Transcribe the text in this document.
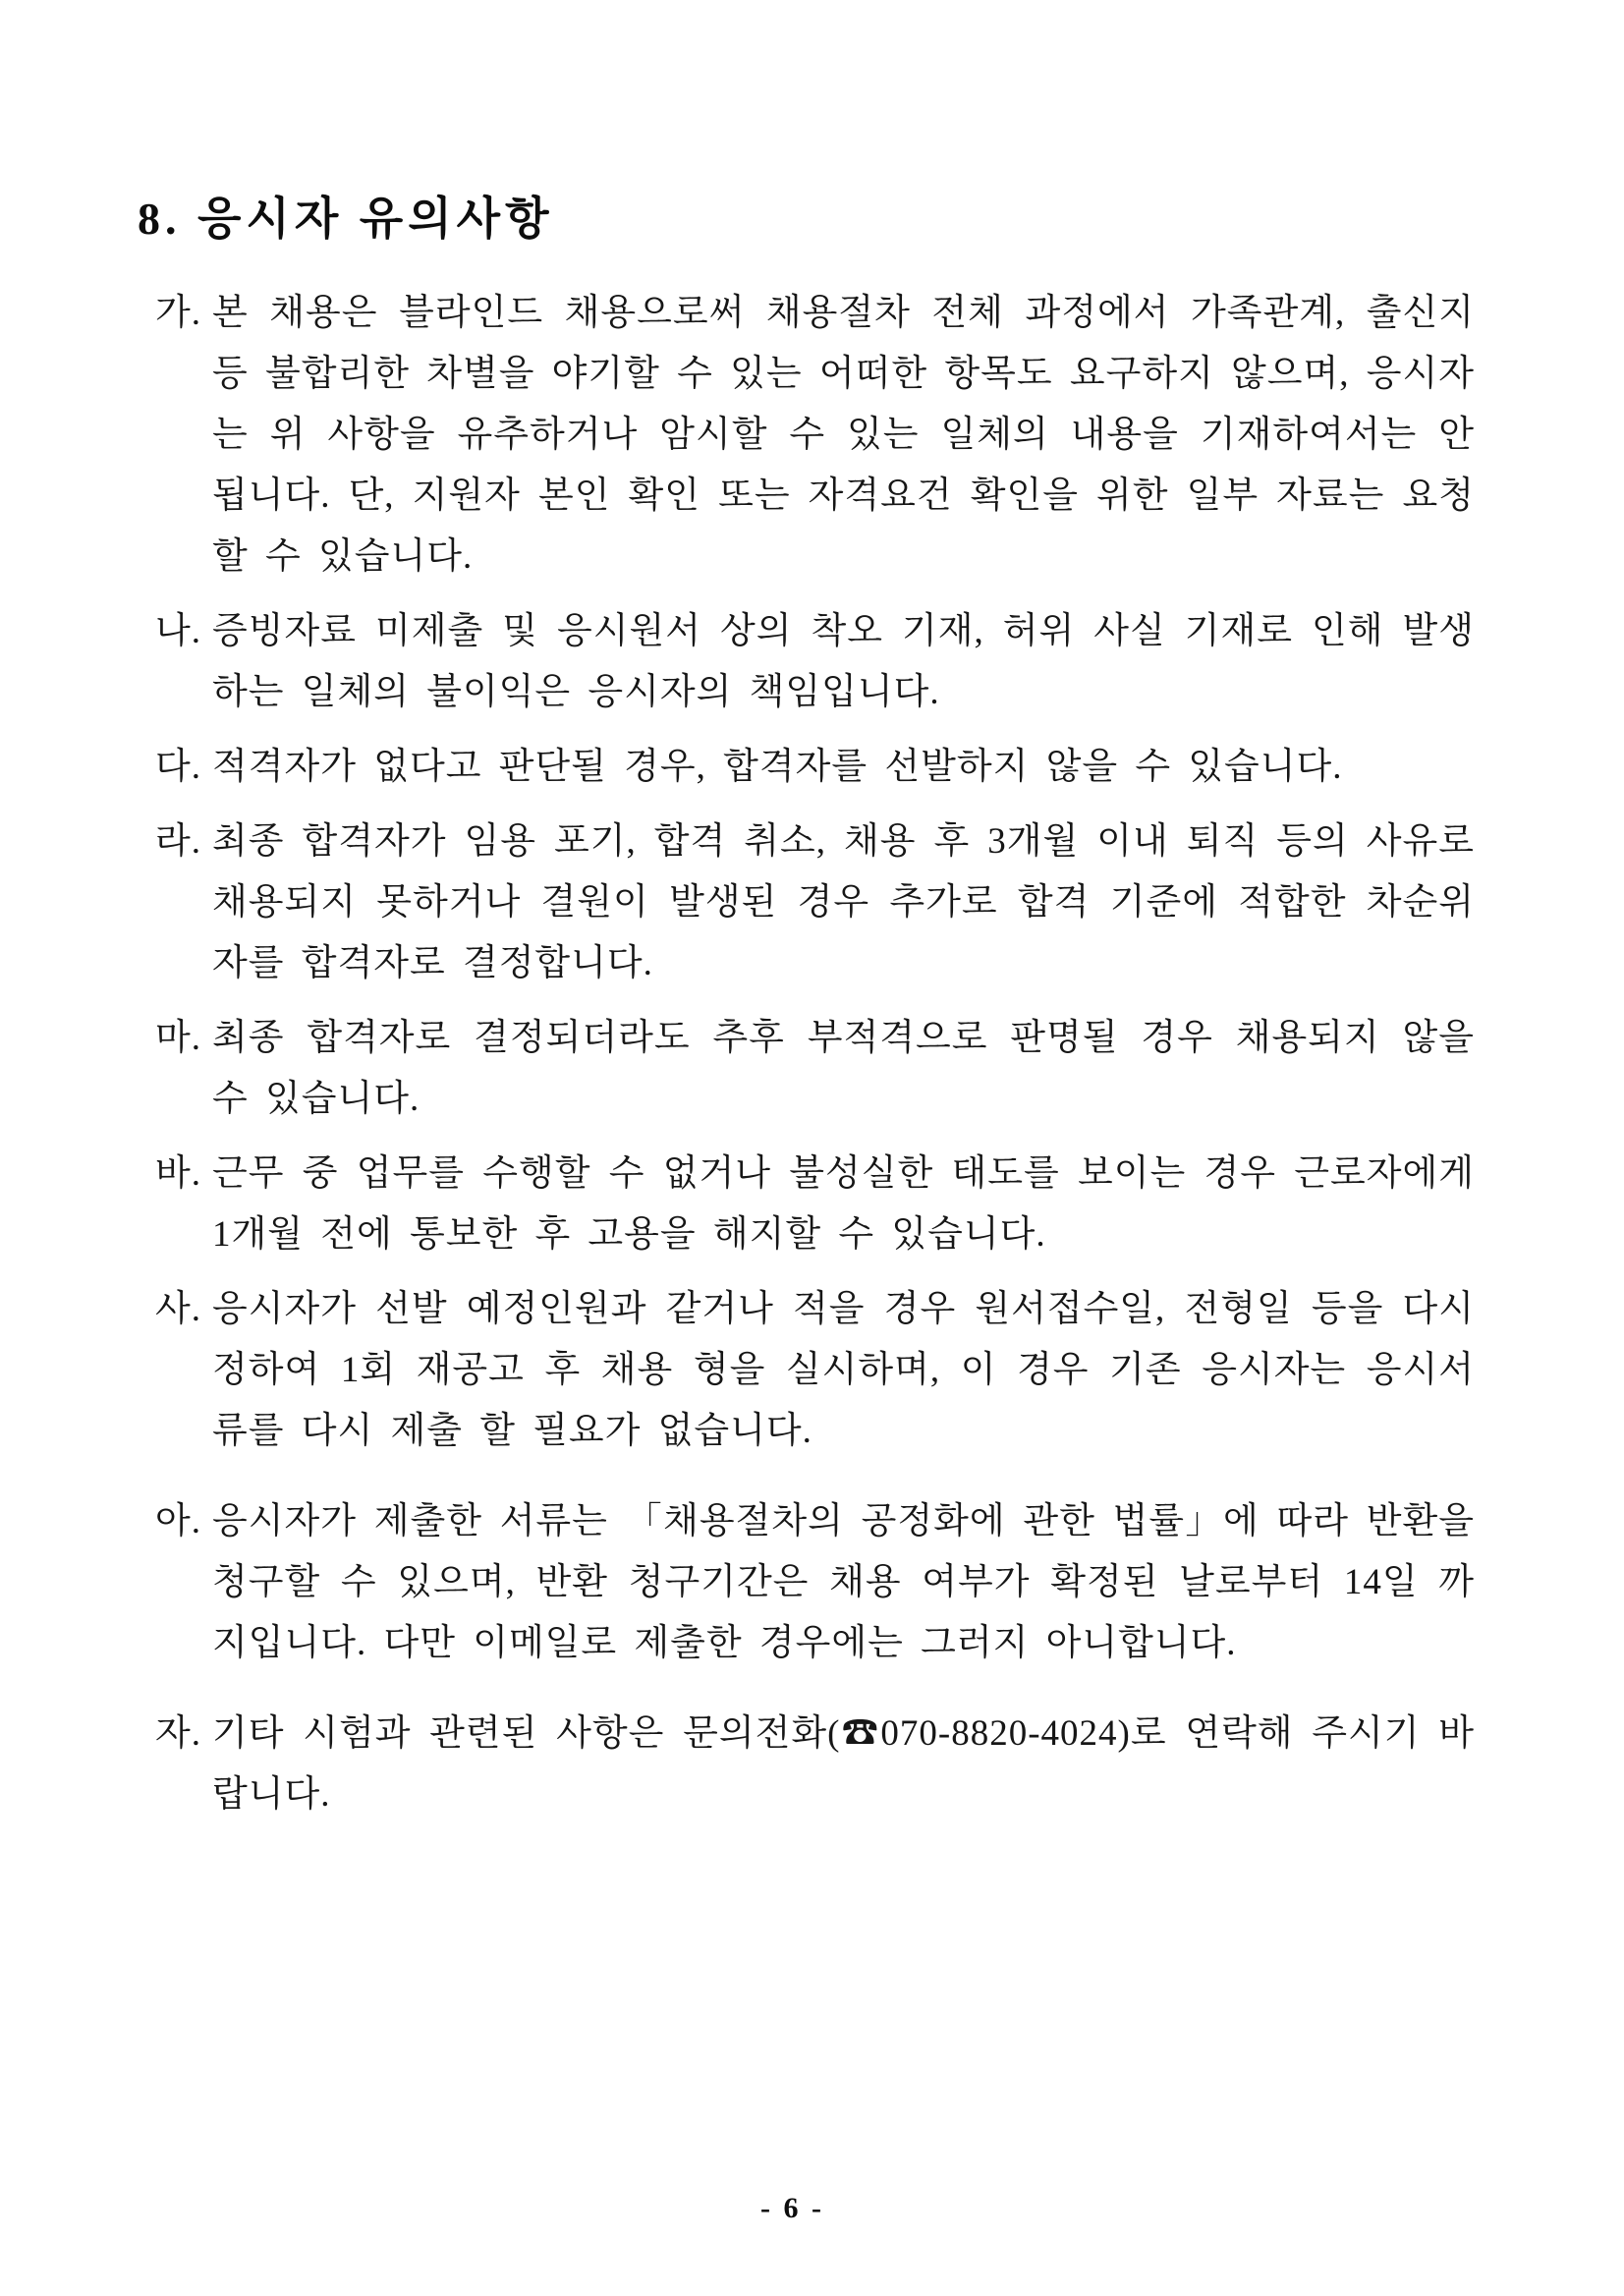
8. 응시자 유의사항
가. 본 채용은 블라인드 채용으로써 채용절차 전체 과정에서 가족관계, 출신지 등 불합리한 차별을 야기할 수 있는 어떠한 항목도 요구하지 않으며, 응시자는 위 사항을 유추하거나 암시할 수 있는 일체의 내용을 기재하여서는 안 됩니다. 단, 지원자 본인 확인 또는 자격요건 확인을 위한 일부 자료는 요청할 수 있습니다.
나. 증빙자료 미제출 및 응시원서 상의 착오 기재, 허위 사실 기재로 인해 발생하는 일체의 불이익은 응시자의 책임입니다.
다. 적격자가 없다고 판단될 경우, 합격자를 선발하지 않을 수 있습니다.
라. 최종 합격자가 임용 포기, 합격 취소, 채용 후 3개월 이내 퇴직 등의 사유로 채용되지 못하거나 결원이 발생된 경우 추가로 합격 기준에 적합한 차순위자를 합격자로 결정합니다.
마. 최종 합격자로 결정되더라도 추후 부적격으로 판명될 경우 채용되지 않을 수 있습니다.
바. 근무 중 업무를 수행할 수 없거나 불성실한 태도를 보이는 경우 근로자에게 1개월 전에 통보한 후 고용을 해지할 수 있습니다.
사. 응시자가 선발 예정인원과 같거나 적을 경우 원서접수일, 전형일 등을 다시 정하여 1회 재공고 후 채용 형을 실시하며, 이 경우 기존 응시자는 응시서류를 다시 제출 할 필요가 없습니다.
아. 응시자가 제출한 서류는 「채용절차의 공정화에 관한 법률」에 따라 반환을 청구할 수 있으며, 반환 청구기간은 채용 여부가 확정된 날로부터 14일 까지입니다. 다만 이메일로 제출한 경우에는 그러지 아니합니다.
자. 기타 시험과 관련된 사항은 문의전화(☎070-8820-4024)로 연락해 주시기 바랍니다.
- 6 -
